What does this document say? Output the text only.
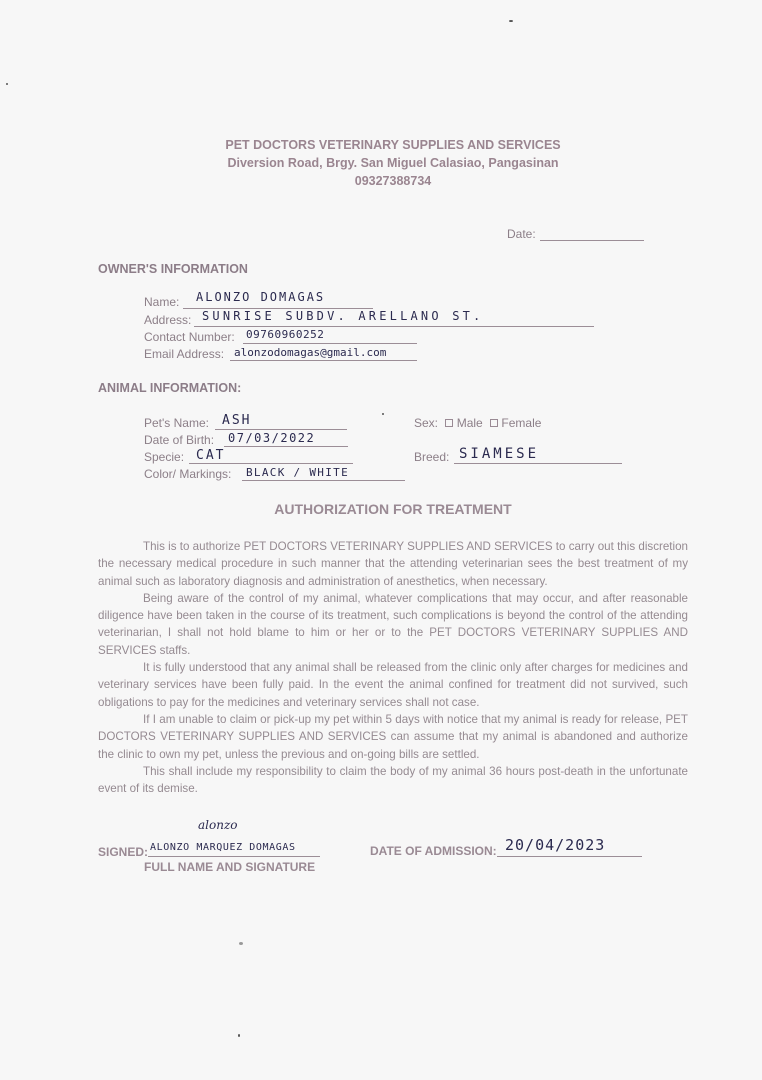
PET DOCTORS VETERINARY SUPPLIES AND SERVICES
Diversion Road, Brgy. San Miguel Calasiao, Pangasinan
09327388734
Date:
OWNER'S INFORMATION
Name: ALONZO DOMAGAS
Address: SUNRISE SUBDV. ARELLANO ST.
Contact Number: 09760960252
Email Address: alonzodomagas@gmail.com
ANIMAL INFORMATION:
Pet's Name: ASH
Date of Birth: 07/03/2022
Specie: CAT
Color/ Markings: BLACK / WHITE
Sex: Male Female
Breed: SIAMESE
AUTHORIZATION FOR TREATMENT

This is to authorize PET DOCTORS VETERINARY SUPPLIES AND SERVICES to carry out this discretion the necessary medical procedure in such manner that the attending veterinarian sees the best treatment of my animal such as laboratory diagnosis and administration of anesthetics, when necessary.

Being aware of the control of my animal, whatever complications that may occur, and after reasonable diligence have been taken in the course of its treatment, such complications is beyond the control of the attending veterinarian, I shall not hold blame to him or her or to the PET DOCTORS VETERINARY SUPPLIES AND SERVICES staffs.

It is fully understood that any animal shall be released from the clinic only after charges for medicines and veterinary services have been fully paid. In the event the animal confined for treatment did not survived, such obligations to pay for the medicines and veterinary services shall not case.

If I am unable to claim or pick-up my pet within 5 days with notice that my animal is ready for release, PET DOCTORS VETERINARY SUPPLIES AND SERVICES can assume that my animal is abandoned and authorize the clinic to own my pet, unless the previous and on-going bills are settled.

This shall include my responsibility to claim the body of my animal 36 hours post-death in the unfortunate event of its demise.

alonzo
SIGNED: ALONZO MARQUEZ DOMAGAS
FULL NAME AND SIGNATURE
DATE OF ADMISSION: 20/04/2023
